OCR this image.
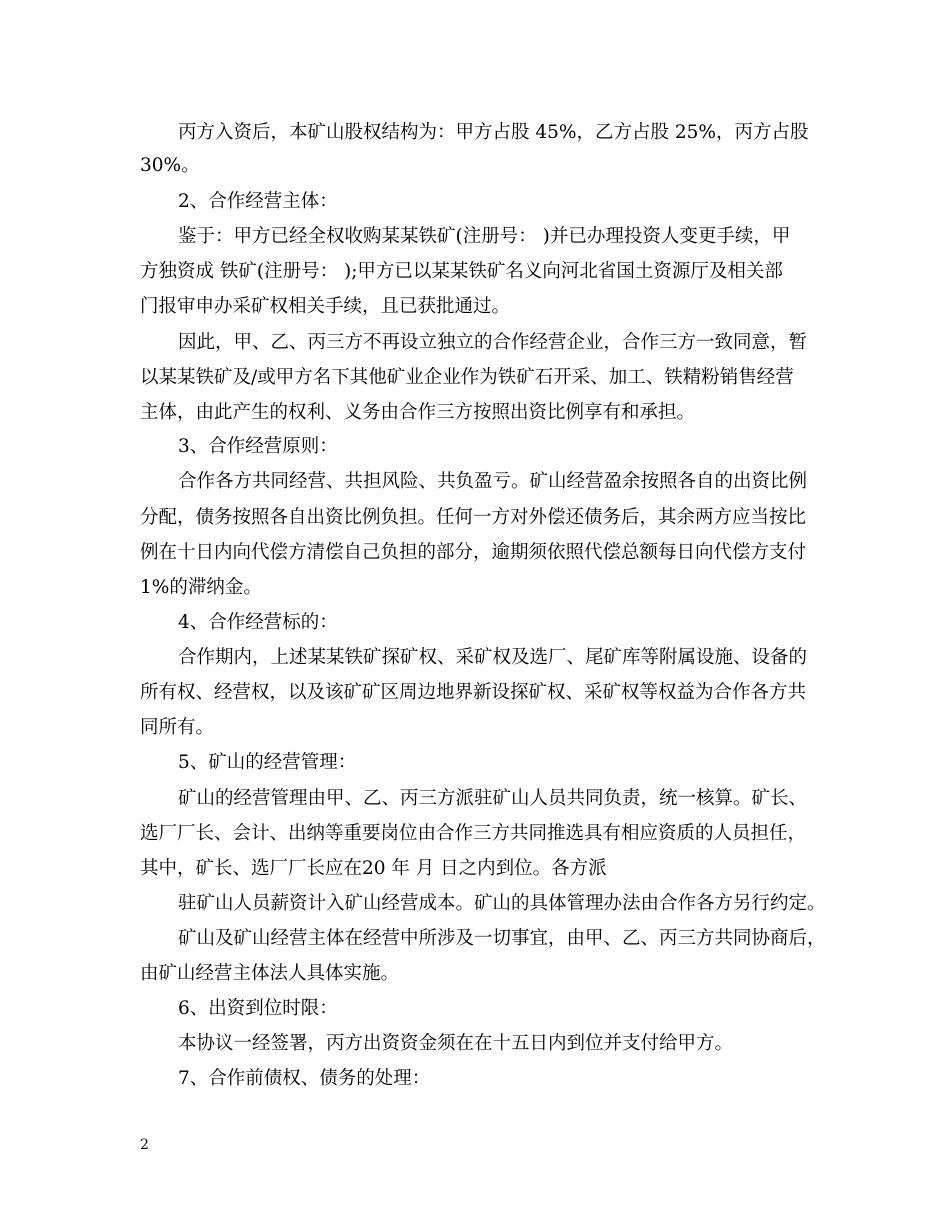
丙方入资后，本矿山股权结构为：甲方占股 45%，乙方占股 25%，丙方占股
30%。
2、合作经营主体：
鉴于：甲方已经全权收购某某铁矿(注册号： )并已办理投资人变更手续，甲
方独资成 铁矿(注册号： );甲方已以某某铁矿名义向河北省国土资源厅及相关部
门报审申办采矿权相关手续，且已获批通过。
因此，甲、乙、丙三方不再设立独立的合作经营企业，合作三方一致同意，暂
以某某铁矿及/或甲方名下其他矿业企业作为铁矿石开采、加工、铁精粉销售经营
主体，由此产生的权利、义务由合作三方按照出资比例享有和承担。
3、合作经营原则：
合作各方共同经营、共担风险、共负盈亏。矿山经营盈余按照各自的出资比例
分配，债务按照各自出资比例负担。任何一方对外偿还债务后，其余两方应当按比
例在十日内向代偿方清偿自己负担的部分，逾期须依照代偿总额每日向代偿方支付
1%的滞纳金。
4、合作经营标的：
合作期内，上述某某铁矿探矿权、采矿权及选厂、尾矿库等附属设施、设备的
所有权、经营权，以及该矿矿区周边地界新设探矿权、采矿权等权益为合作各方共
同所有。
5、矿山的经营管理：
矿山的经营管理由甲、乙、丙三方派驻矿山人员共同负责，统一核算。矿长、
选厂厂长、会计、出纳等重要岗位由合作三方共同推选具有相应资质的人员担任，
其中，矿长、选厂厂长应在20 年 月 日之内到位。各方派
驻矿山人员薪资计入矿山经营成本。矿山的具体管理办法由合作各方另行约定。
矿山及矿山经营主体在经营中所涉及一切事宜，由甲、乙、丙三方共同协商后，
由矿山经营主体法人具体实施。
6、出资到位时限：
本协议一经签署，丙方出资资金须在在十五日内到位并支付给甲方。
7、合作前债权、债务的处理：
2
